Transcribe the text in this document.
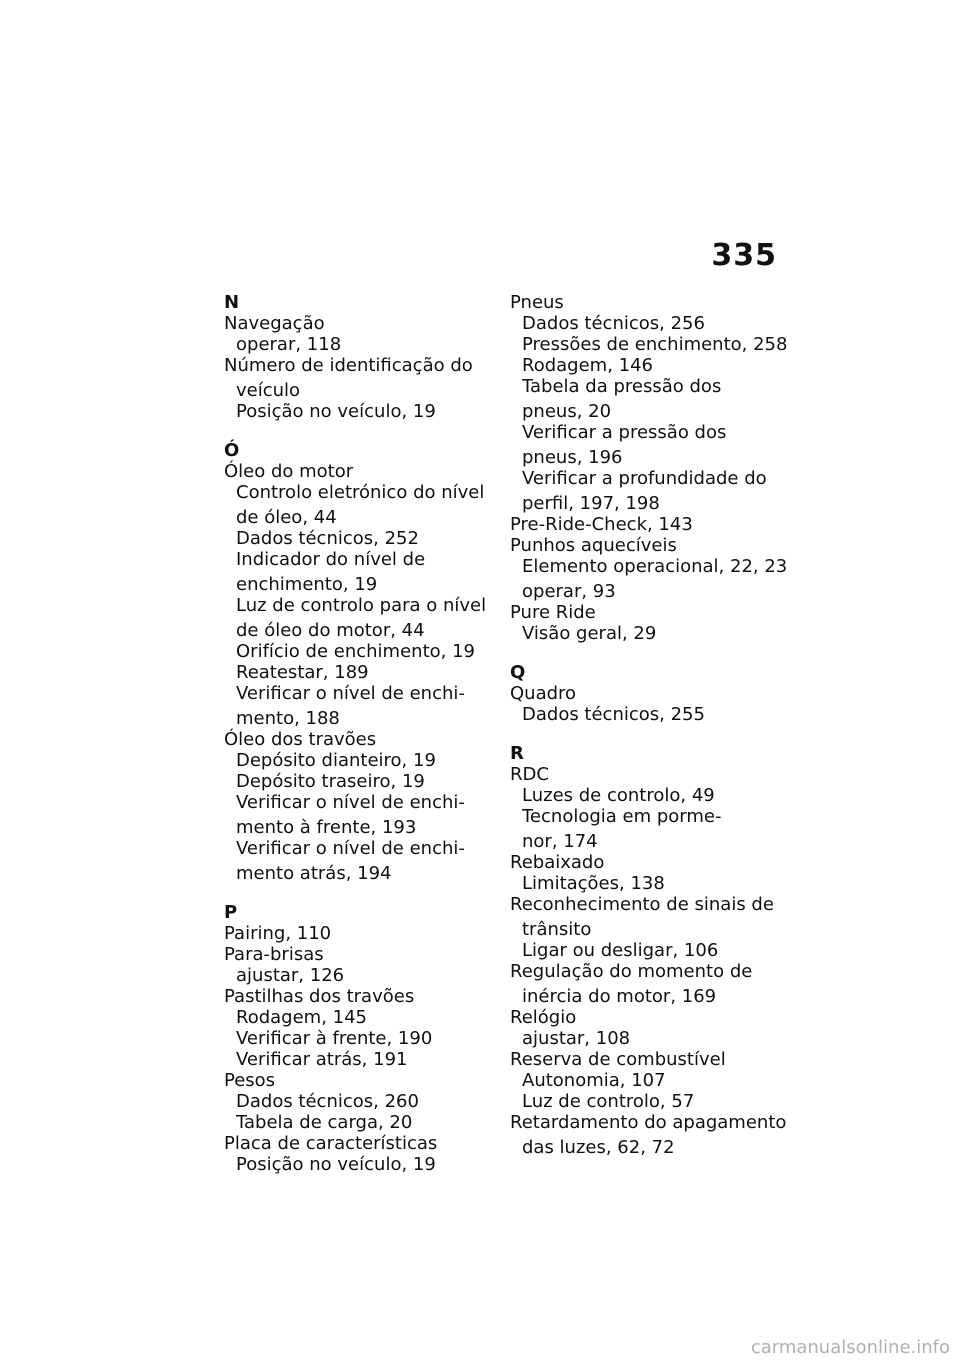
335
N
Navegação
operar, 118
Número de identificação do
veículo
Posição no veículo, 19
Ó
Óleo do motor
Controlo eletrónico do nível
de óleo, 44
Dados técnicos, 252
Indicador do nível de
enchimento, 19
Luz de controlo para o nível
de óleo do motor, 44
Orifício de enchimento, 19
Reatestar, 189
Verificar o nível de enchi-
mento, 188
Óleo dos travões
Depósito dianteiro, 19
Depósito traseiro, 19
Verificar o nível de enchi-
mento à frente, 193
Verificar o nível de enchi-
mento atrás, 194
P
Pairing, 110
Para-brisas
ajustar, 126
Pastilhas dos travões
Rodagem, 145
Verificar à frente, 190
Verificar atrás, 191
Pesos
Dados técnicos, 260
Tabela de carga, 20
Placa de características
Posição no veículo, 19
Pneus
Dados técnicos, 256
Pressões de enchimento, 258
Rodagem, 146
Tabela da pressão dos
pneus, 20
Verificar a pressão dos
pneus, 196
Verificar a profundidade do
perfil, 197, 198
Pre-Ride-Check, 143
Punhos aquecíveis
Elemento operacional, 22, 23
operar, 93
Pure Ride
Visão geral, 29
Q
Quadro
Dados técnicos, 255
R
RDC
Luzes de controlo, 49
Tecnologia em porme-
nor, 174
Rebaixado
Limitações, 138
Reconhecimento de sinais de
trânsito
Ligar ou desligar, 106
Regulação do momento de
inércia do motor, 169
Relógio
ajustar, 108
Reserva de combustível
Autonomia, 107
Luz de controlo, 57
Retardamento do apagamento
das luzes, 62, 72
carmanualsonline.info
